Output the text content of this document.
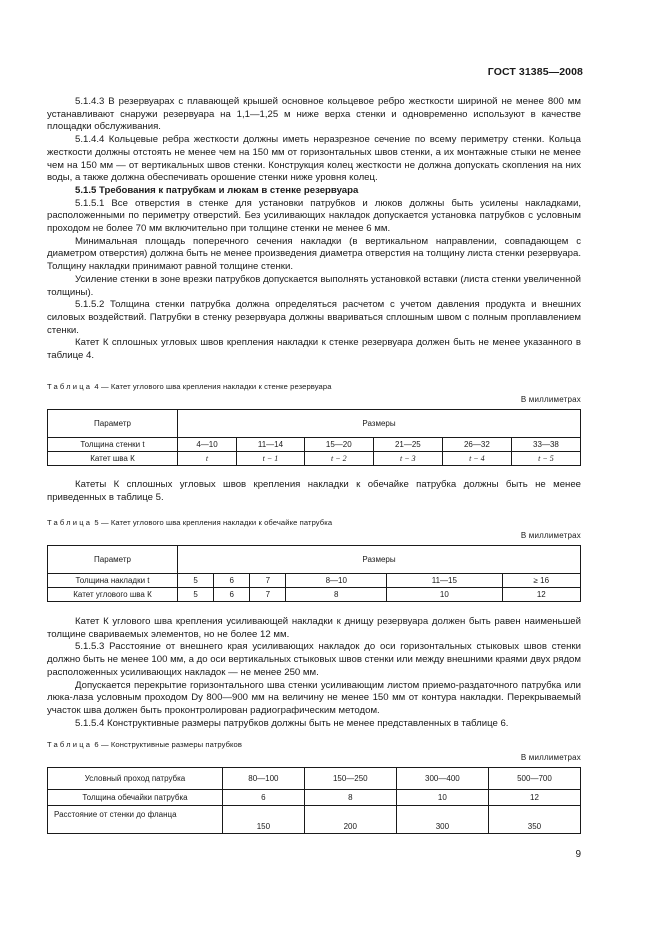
ГОСТ 31385—2008

5.1.4.3 В резервуарах с плавающей крышей основное кольцевое ребро жесткости шириной не менее 800 мм устанавливают снаружи резервуара на 1,1—1,25 м ниже верха стенки и одновременно используют в качестве площадки обслуживания.

5.1.4.4 Кольцевые ребра жесткости должны иметь неразрезное сечение по всему периметру стенки. Кольца жесткости должны отстоять не менее чем на 150 мм от горизонтальных швов стенки, а их монтажные стыки не менее чем на 150 мм — от вертикальных швов стенки. Конструкция колец жесткости не должна допускать скопления на них воды, а также должна обеспечивать орошение стенки ниже уровня колец.

5.1.5 Требования к патрубкам и люкам в стенке резервуара

5.1.5.1 Все отверстия в стенке для установки патрубков и люков должны быть усилены накладками, расположенными по периметру отверстий. Без усиливающих накладок допускается установка патрубков с условным проходом не более 70 мм включительно при толщине стенки не менее 6 мм.

Минимальная площадь поперечного сечения накладки (в вертикальном направлении, совпадающем с диаметром отверстия) должна быть не менее произведения диаметра отверстия на толщину листа стенки резервуара. Толщину накладки принимают равной толщине стенки.

Усиление стенки в зоне врезки патрубков допускается выполнять установкой вставки (листа стенки увеличенной толщины).

5.1.5.2 Толщина стенки патрубка должна определяться расчетом с учетом давления продукта и внешних силовых воздействий. Патрубки в стенку резервуара должны ввариваться сплошным швом с полным проплавлением стенки.

Катет К сплошных угловых швов крепления накладки к стенке резервуара должен быть не менее указанного в таблице 4.

Таблица 4 — Катет углового шва крепления накладки к стенке резервуара
В миллиметрах
Параметр	Размеры					
Толщина стенки t	4—10	11—14	15—20	21—25	26—32	33—38
Катет шва К	t	t − 1	t − 2	t − 3	t − 4	t − 5

Катеты К сплошных угловых швов крепления накладки к обечайке патрубка должны быть не менее приведенных в таблице 5.

Таблица 5 — Катет углового шва крепления накладки к обечайке патрубка
В миллиметрах
Параметр	Размеры					
Толщина накладки t	5	6	7	8—10	11—15	≥ 16
Катет углового шва К	5	6	7	8	10	12

Катет К углового шва крепления усиливающей накладки к днищу резервуара должен быть равен наименьшей толщине свариваемых элементов, но не более 12 мм.

5.1.5.3 Расстояние от внешнего края усиливающих накладок до оси горизонтальных стыковых швов стенки должно быть не менее 100 мм, а до оси вертикальных стыковых швов стенки или между внешними краями двух рядом расположенных усиливающих накладок — не менее 250 мм.

Допускается перекрытие горизонтального шва стенки усиливающим листом приемо-раздаточного патрубка или люка-лаза условным проходом Dy 800—900 мм на величину не менее 150 мм от контура накладки. Перекрываемый участок шва должен быть проконтролирован радиографическим методом.

5.1.5.4 Конструктивные размеры патрубков должны быть не менее представленных в таблице 6.

Таблица 6 — Конструктивные размеры патрубков
В миллиметрах
Условный проход патрубка	80—100	150—250	300—400	500—700
Толщина обечайки патрубка	6	8	10	12
Расстояние от стенки до фланца	150	200	300	350
9
